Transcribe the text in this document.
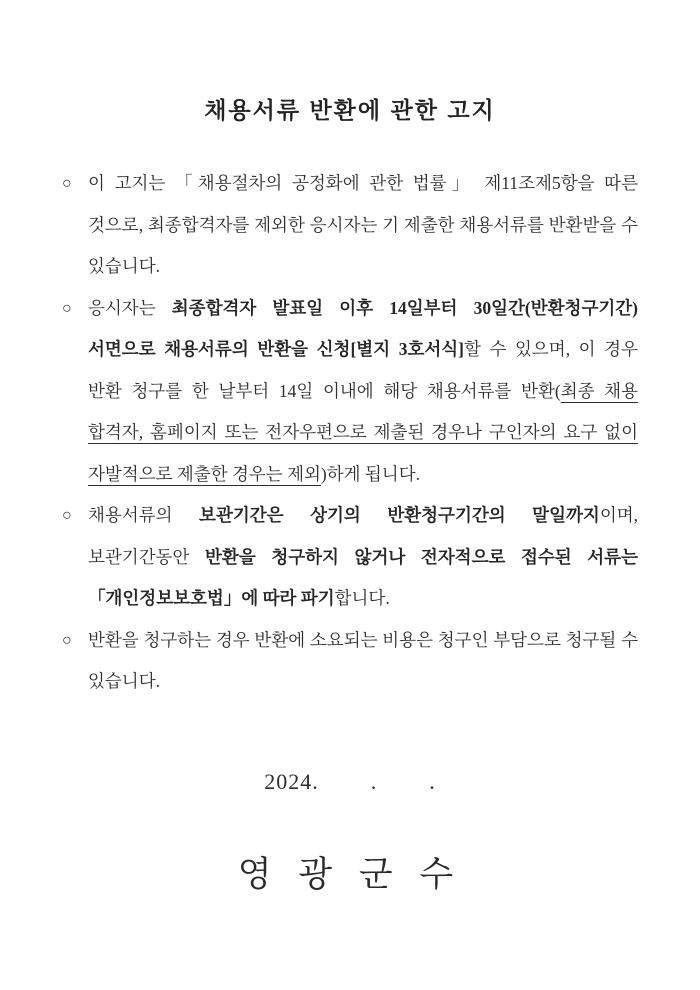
채용서류 반환에 관한 고지
○ 이 고지는 「채용절차의 공정화에 관한 법률」 제11조제5항을 따른 것으로, 최종합격자를 제외한 응시자는 기 제출한 채용서류를 반환받을 수 있습니다.

○ 응시자는 최종합격자 발표일 이후 14일부터 30일간(반환청구기간) 서면으로 채용서류의 반환을 신청[별지 3호서식]할 수 있으며, 이 경우 반환 청구를 한 날부터 14일 이내에 해당 채용서류를 반환(최종 채용 합격자, 홈페이지 또는 전자우편으로 제출된 경우나 구인자의 요구 없이 자발적으로 제출한 경우는 제외)하게 됩니다.

○ 채용서류의 보관기간은 상기의 반환청구기간의 말일까지이며, 보관기간동안 반환을 청구하지 않거나 전자적으로 접수된 서류는 「개인정보보호법」에 따라 파기합니다.

○ 반환을 청구하는 경우 반환에 소요되는 비용은 청구인 부담으로 청구될 수 있습니다.

2024.        .        .
영 광 군 수
